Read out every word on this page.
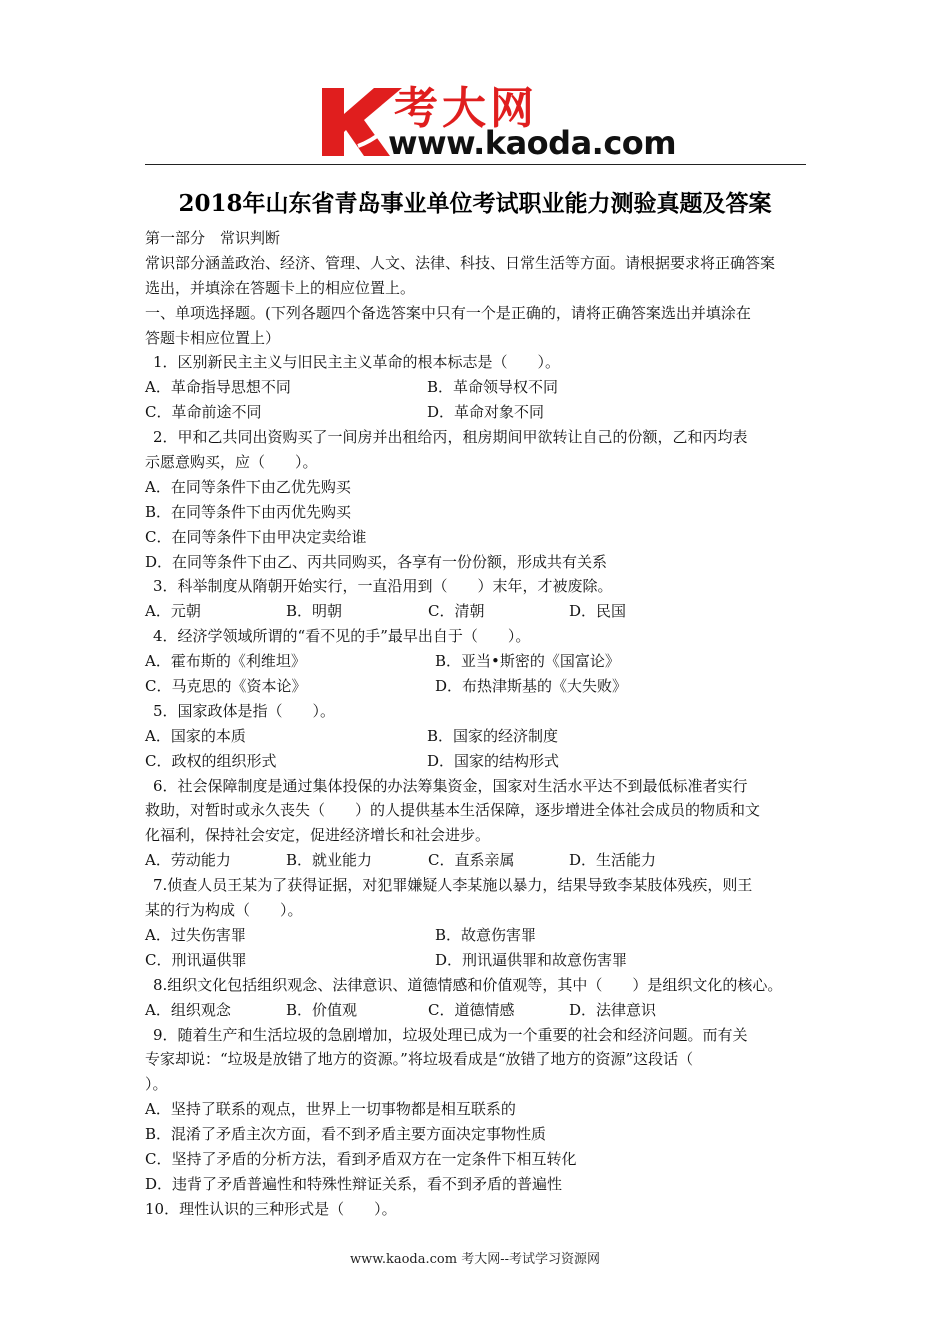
考大网
www.kaoda.com
2018年山东省青岛事业单位考试职业能力测验真题及答案
第一部分　常识判断
常识部分涵盖政治、经济、管理、人文、法律、科技、日常生活等方面。请根据要求将正确答案
选出，并填涂在答题卡上的相应位置上。
一、单项选择题。(下列各题四个备选答案中只有一个是正确的，请将正确答案选出并填涂在
答题卡相应位置上）
1．区别新民主主义与旧民主主义革命的根本标志是（　　）。
A．革命指导思想不同	B．革命领导权不同
C．革命前途不同	D．革命对象不同
2．甲和乙共同出资购买了一间房并出租给丙，租房期间甲欲转让自己的份额，乙和丙均表
示愿意购买，应（　　）。
A．在同等条件下由乙优先购买
B．在同等条件下由丙优先购买
C．在同等条件下由甲决定卖给谁
D．在同等条件下由乙、丙共同购买，各享有一份份额，形成共有关系
3．科举制度从隋朝开始实行，一直沿用到（　　）末年，才被废除。
A．元朝	B．明朝	C．清朝	D．民国
4．经济学领域所谓的“看不见的手”最早出自于（　　）。
A．霍布斯的《利维坦》	B．亚当•斯密的《国富论》
C．马克思的《资本论》	D．布热津斯基的《大失败》
5．国家政体是指（　　）。
A．国家的本质	B．国家的经济制度
C．政权的组织形式	D．国家的结构形式
6．社会保障制度是通过集体投保的办法筹集资金，国家对生活水平达不到最低标准者实行
救助，对暂时或永久丧失（　　）的人提供基本生活保障，逐步增进全体社会成员的物质和文
化福利，保持社会安定，促进经济增长和社会进步。
A．劳动能力	B．就业能力	C．直系亲属	D．生活能力
7.侦查人员王某为了获得证据，对犯罪嫌疑人李某施以暴力，结果导致李某肢体残疾，则王
某的行为构成（　　）。
A．过失伤害罪	B．故意伤害罪
C．刑讯逼供罪	D．刑讯逼供罪和故意伤害罪
8.组织文化包括组织观念、法律意识、道德情感和价值观等，其中（　　）是组织文化的核心。
A．组织观念	B．价值观	C．道德情感	D．法律意识
9．随着生产和生活垃圾的急剧增加，垃圾处理已成为一个重要的社会和经济问题。而有关
专家却说：“垃圾是放错了地方的资源。”将垃圾看成是“放错了地方的资源”这段话（
）。
A．坚持了联系的观点，世界上一切事物都是相互联系的
B．混淆了矛盾主次方面，看不到矛盾主要方面决定事物性质
C．坚持了矛盾的分析方法，看到矛盾双方在一定条件下相互转化
D．违背了矛盾普遍性和特殊性辩证关系，看不到矛盾的普遍性
10．理性认识的三种形式是（　　）。
www.kaoda.com 考大网--考试学习资源网
